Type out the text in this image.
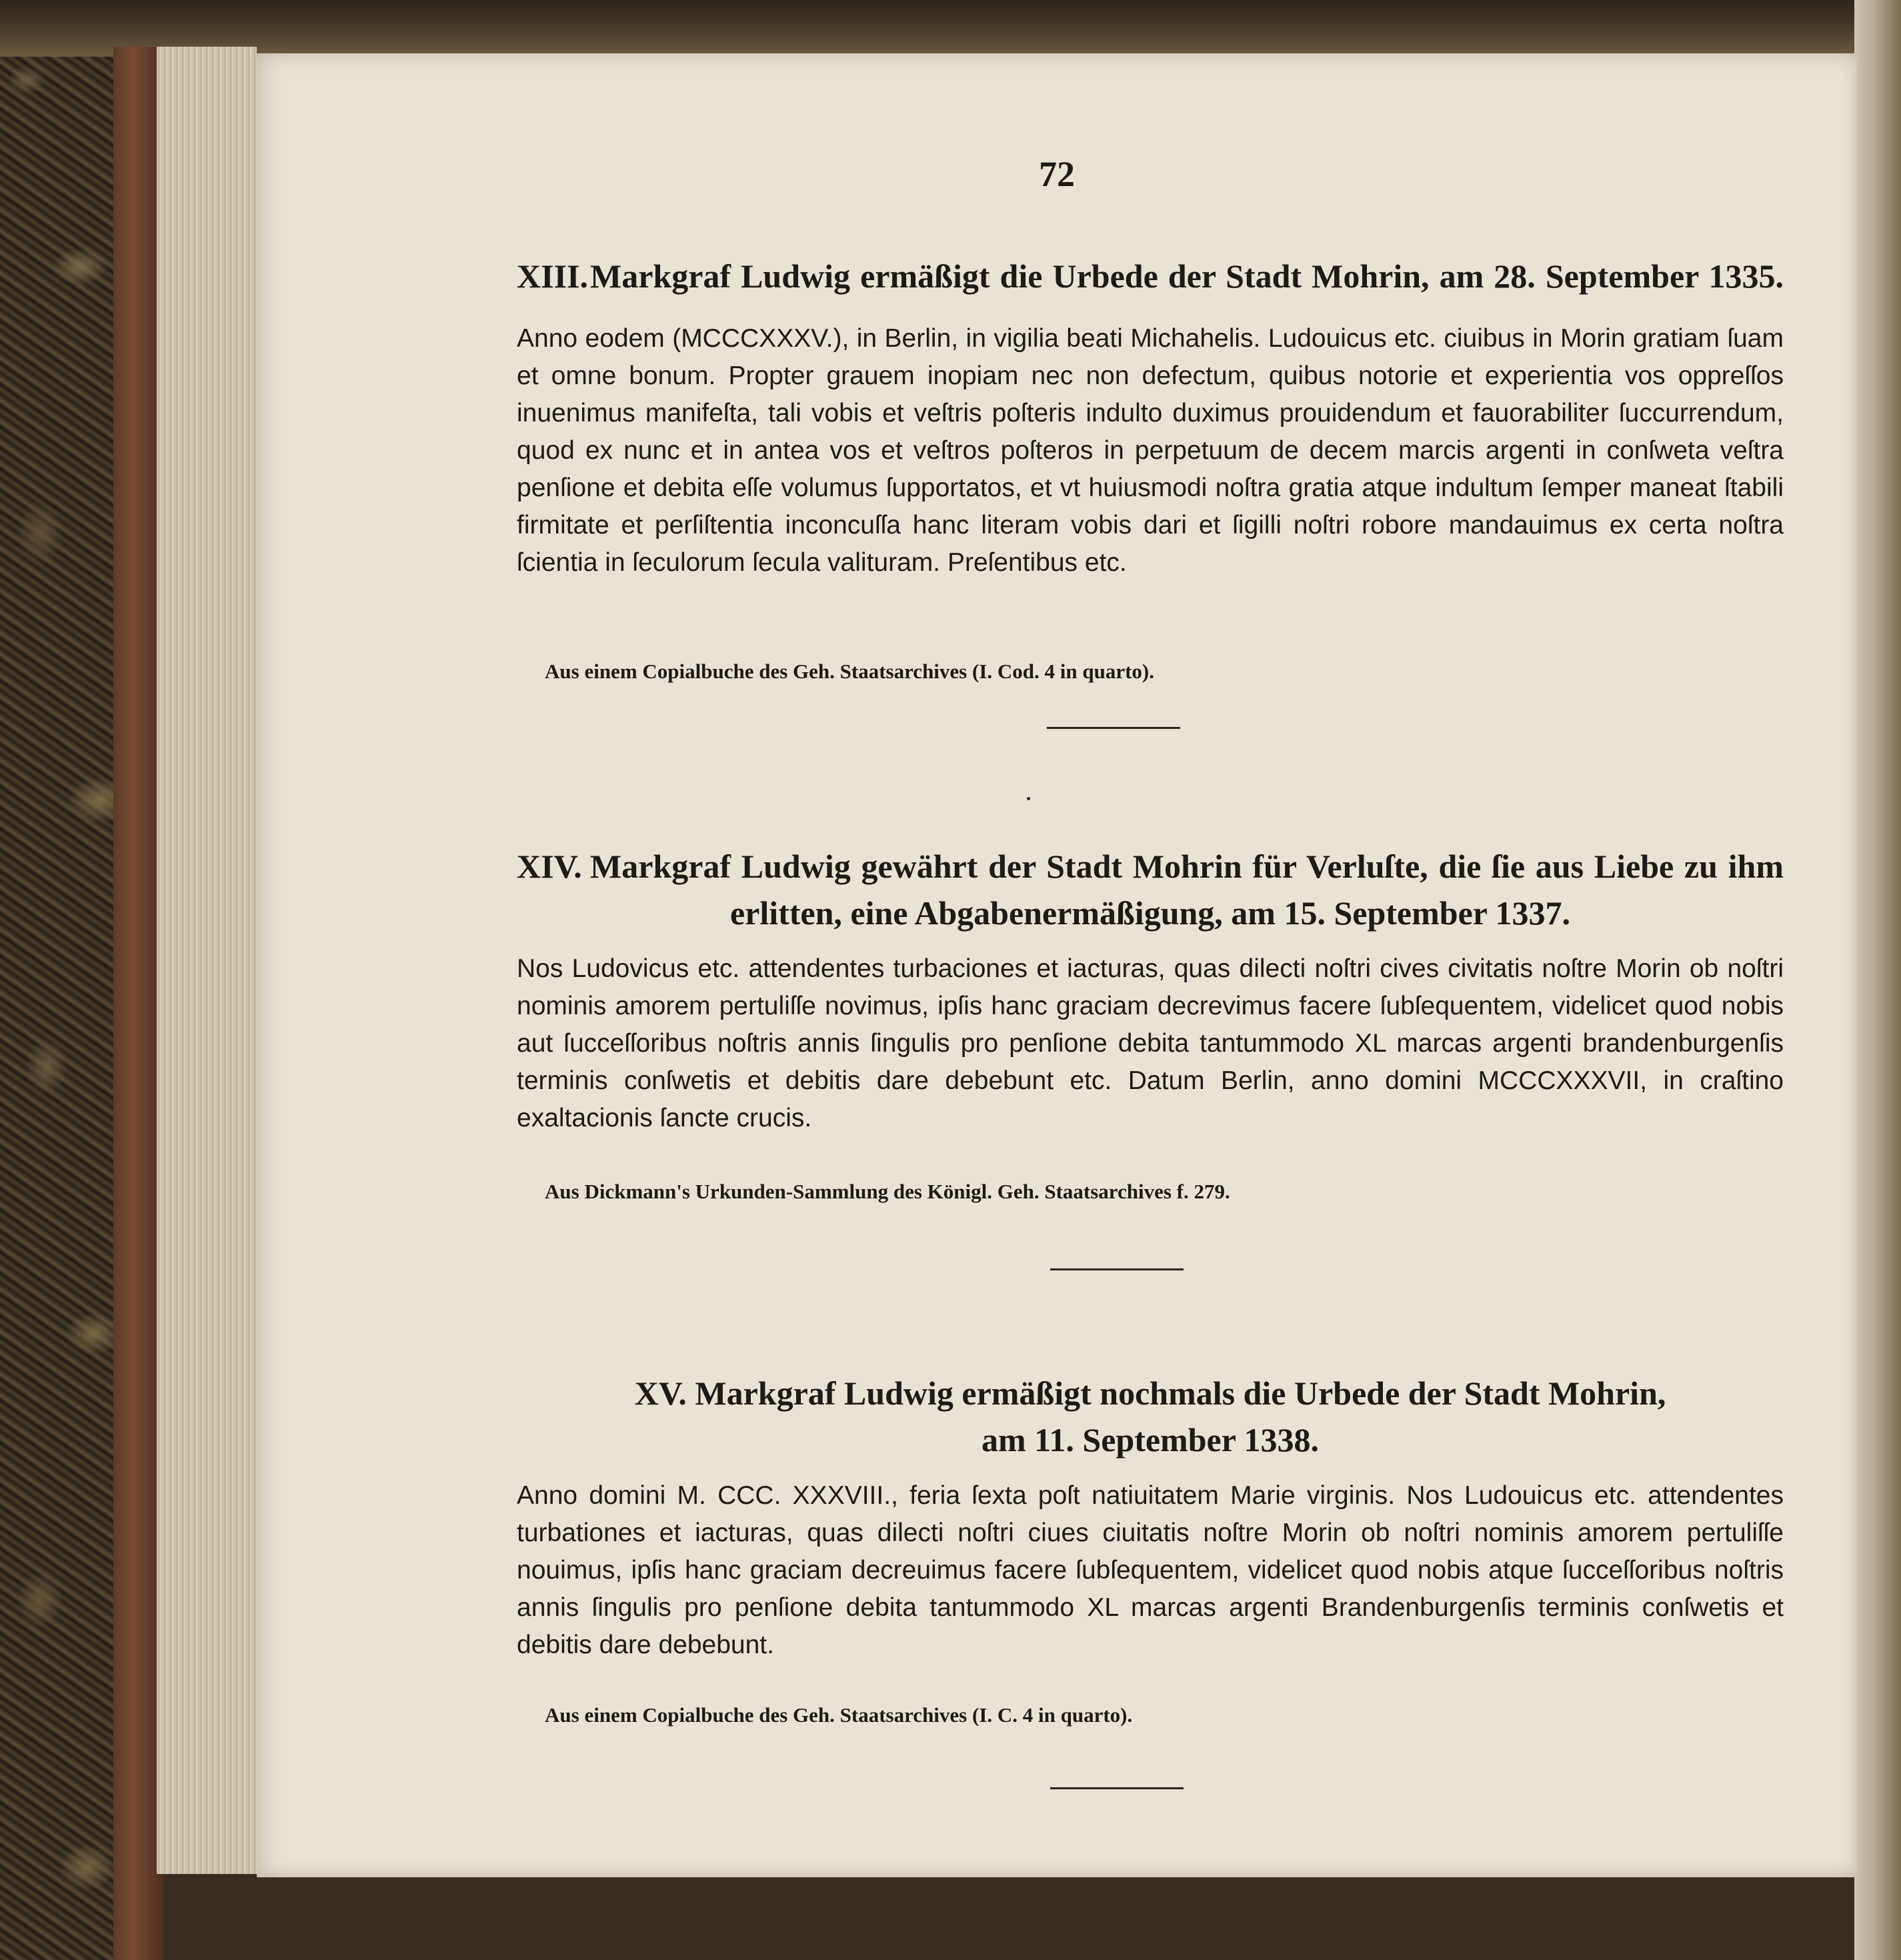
72
XIII.Markgraf Ludwig ermäßigt die Urbede der Stadt Mohrin, am 28. September 1335.
Anno eodem (MCCCXXXV.), in Berlin, in vigilia beati Michahelis. Ludouicus etc. ciuibus in Morin gratiam ſuam et omne bonum. Propter grauem inopiam nec non defectum, quibus notorie et experientia vos oppreſſos inuenimus manifeſta, tali vobis et veſtris poſteris indulto duximus prouidendum et fauorabiliter ſuccurrendum, quod ex nunc et in antea vos et veſtros poſteros in perpetuum de decem marcis argenti in conſweta veſtra penſione et debita eſſe volumus ſupportatos, et vt huiusmodi noſtra gratia atque indultum ſemper maneat ſtabili firmitate et perſiſtentia inconcuſſa hanc literam vobis dari et ſigilli noſtri robore mandauimus ex certa noſtra ſcientia in ſeculorum ſecula valituram. Preſentibus etc.
Aus einem Copialbuche des Geh. Staatsarchives (I. Cod. 4 in quarto).
XIV. Markgraf Ludwig gewährt der Stadt Mohrin für Verluſte, die ſie aus Liebe zu ihm
erlitten, eine Abgabenermäßigung, am 15. September 1337.
Nos Ludovicus etc. attendentes turbaciones et iacturas, quas dilecti noſtri cives civitatis noſtre Morin ob noſtri nominis amorem pertuliſſe novimus, ipſis hanc graciam decrevimus facere ſubſequentem, videlicet quod nobis aut ſucceſſoribus noſtris annis ſingulis pro penſione debita tantummodo XL marcas argenti brandenburgenſis terminis conſwetis et debitis dare debebunt etc. Datum Berlin, anno domini MCCCXXXVII, in craſtino exaltacionis ſancte crucis.
Aus Dickmann's Urkunden-Sammlung des Königl. Geh. Staatsarchives f. 279.
XV. Markgraf Ludwig ermäßigt nochmals die Urbede der Stadt Mohrin,
am 11. September 1338.
Anno domini M. CCC. XXXVIII., feria ſexta poſt natiuitatem Marie virginis. Nos Ludouicus etc. attendentes turbationes et iacturas, quas dilecti noſtri ciues ciuitatis noſtre Morin ob noſtri nominis amorem pertuliſſe nouimus, ipſis hanc graciam decreuimus facere ſubſequentem, videlicet quod nobis atque ſucceſſoribus noſtris annis ſingulis pro penſione debita tantummodo XL marcas argenti Brandenburgenſis terminis conſwetis et debitis dare debebunt.
Aus einem Copialbuche des Geh. Staatsarchives (I. C. 4 in quarto).
